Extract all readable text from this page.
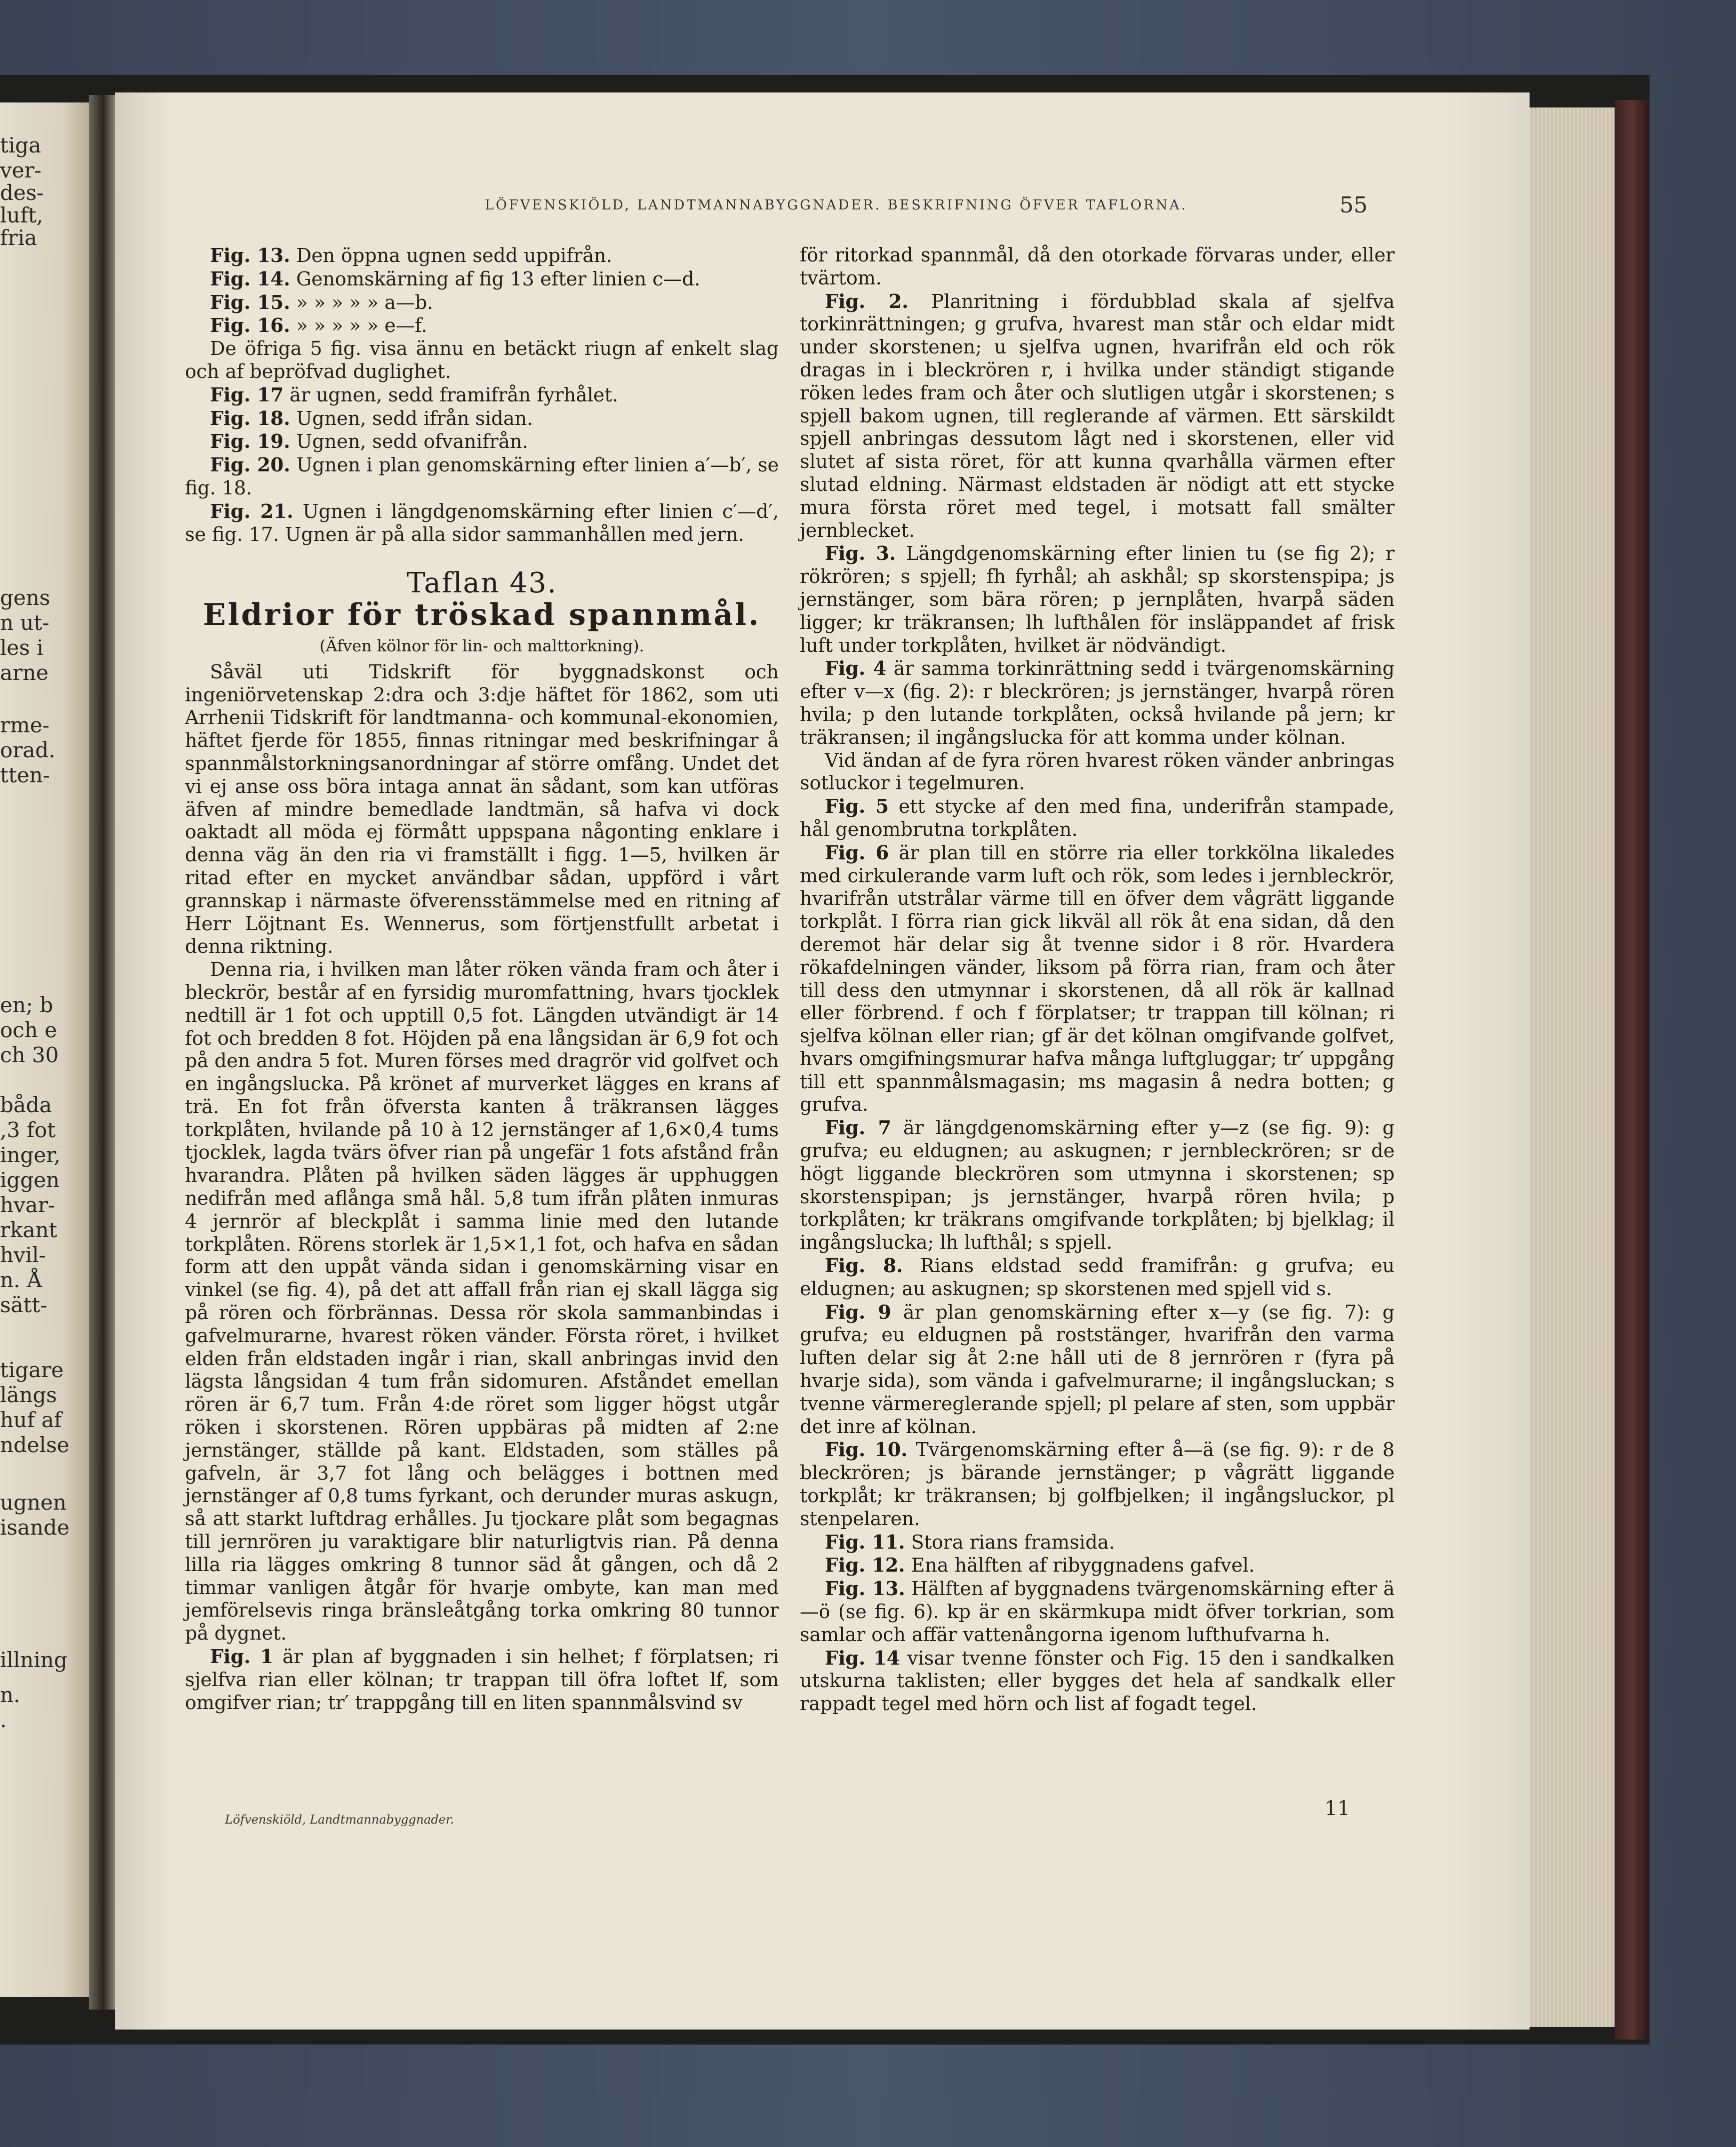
tiga
ver-
des-
luft,
fria
gens
n ut-
les i
arne
rme-
orad.
tten-
en; b
och e
ch 30
båda
,3 fot
inger,
iggen
hvar-
rkant
hvil-
n. Å
sätt-
tigare
längs
huf af
ndelse
ugnen
isande
illning
n.
.
LÖFVENSKIÖLD, LANDTMANNABYGGNADER. BESKRIFNING ÖFVER TAFLORNA.	55

Fig. 13. Den öppna ugnen sedd uppifrån.

Fig. 14. Genomskärning af fig 13 efter linien c—d.

Fig. 15. » » » » » a—b.

Fig. 16. » » » » » e—f.

De öfriga 5 fig. visa ännu en betäckt riugn af enkelt slag och af bepröfvad duglighet.

Fig. 17 är ugnen, sedd framifrån fyrhålet.

Fig. 18. Ugnen, sedd ifrån sidan.

Fig. 19. Ugnen, sedd ofvanifrån.

Fig. 20. Ugnen i plan genomskärning efter linien a′—b′, se fig. 18.

Fig. 21. Ugnen i längdgenomskärning efter linien c′—d′, se fig. 17. Ugnen är på alla sidor sammanhållen med jern.

Taflan 43.
Eldrior för tröskad spannmål.
(Äfven kölnor för lin- och malttorkning).

Såväl uti Tidskrift för byggnadskonst och ingeniörvetenskap 2:dra och 3:dje häftet för 1862, som uti Arrhenii Tidskrift för landtmanna- och kommunal-ekonomien, häftet fjerde för 1855, finnas ritningar med beskrifningar å spannmålstorkningsanordningar af större omfång. Undet det vi ej anse oss böra intaga annat än sådant, som kan utföras äfven af mindre bemedlade landtmän, så hafva vi dock oaktadt all möda ej förmått uppspana någonting enklare i denna väg än den ria vi framställt i figg. 1—5, hvilken är ritad efter en mycket användbar sådan, uppförd i vårt grannskap i närmaste öfverensstämmelse med en ritning af Herr Löjtnant Es. Wennerus, som förtjenstfullt arbetat i denna riktning.

Denna ria, i hvilken man låter röken vända fram och åter i bleckrör, består af en fyrsidig muromfattning, hvars tjocklek nedtill är 1 fot och upptill 0,5 fot. Längden utvändigt är 14 fot och bredden 8 fot. Höjden på ena långsidan är 6,9 fot och på den andra 5 fot. Muren förses med dragrör vid golfvet och en ingångslucka. På krönet af murverket lägges en krans af trä. En fot från öfversta kanten å träkransen lägges torkplåten, hvilande på 10 à 12 jernstänger af 1,6×0,4 tums tjocklek, lagda tvärs öfver rian på ungefär 1 fots afstånd från hvarandra. Plåten på hvilken säden lägges är upphuggen nedifrån med aflånga små hål. 5,8 tum ifrån plåten inmuras 4 jernrör af bleckplåt i samma linie med den lutande torkplåten. Rörens storlek är 1,5×1,1 fot, och hafva en sådan form att den uppåt vända sidan i genomskärning visar en vinkel (se fig. 4), på det att affall från rian ej skall lägga sig på rören och förbrännas. Dessa rör skola sammanbindas i gafvelmurarne, hvarest röken vänder. Första röret, i hvilket elden från eldstaden ingår i rian, skall anbringas invid den lägsta långsidan 4 tum från sidomuren. Afståndet emellan rören är 6,7 tum. Från 4:de röret som ligger högst utgår röken i skorstenen. Rören uppbäras på midten af 2:ne jernstänger, ställde på kant. Eldstaden, som ställes på gafveln, är 3,7 fot lång och belägges i bottnen med jernstänger af 0,8 tums fyrkant, och derunder muras askugn, så att starkt luftdrag erhålles. Ju tjockare plåt som begagnas till jernrören ju varaktigare blir naturligtvis rian. På denna lilla ria lägges omkring 8 tunnor säd åt gången, och då 2 timmar vanligen åtgår för hvarje ombyte, kan man med jemförelsevis ringa bränsleåtgång torka omkring 80 tunnor på dygnet.

Fig. 1 är plan af byggnaden i sin helhet; f förplatsen; ri sjelfva rian eller kölnan; tr trappan till öfra loftet lf, som omgifver rian; tr′ trappgång till en liten spannmålsvind sv

för ritorkad spannmål, då den otorkade förvaras under, eller tvärtom.

Fig. 2. Planritning i fördubblad skala af sjelfva torkinrättningen; g grufva, hvarest man står och eldar midt under skorstenen; u sjelfva ugnen, hvarifrån eld och rök dragas in i bleckrören r, i hvilka under ständigt stigande röken ledes fram och åter och slutligen utgår i skorstenen; s spjell bakom ugnen, till reglerande af värmen. Ett särskildt spjell anbringas dessutom lågt ned i skorstenen, eller vid slutet af sista röret, för att kunna qvarhålla värmen efter slutad eldning. Närmast eldstaden är nödigt att ett stycke mura första röret med tegel, i motsatt fall smälter jernblecket.

Fig. 3. Längdgenomskärning efter linien tu (se fig 2); r rökrören; s spjell; fh fyrhål; ah askhål; sp skorstenspipa; js jernstänger, som bära rören; p jernplåten, hvarpå säden ligger; kr träkransen; lh lufthålen för insläppandet af frisk luft under torkplåten, hvilket är nödvändigt.

Fig. 4 är samma torkinrättning sedd i tvärgenomskärning efter v—x (fig. 2): r bleckrören; js jernstänger, hvarpå rören hvila; p den lutande torkplåten, också hvilande på jern; kr träkransen; il ingångslucka för att komma under kölnan.

Vid ändan af de fyra rören hvarest röken vänder anbringas sotluckor i tegelmuren.

Fig. 5 ett stycke af den med fina, underifrån stampade, hål genombrutna torkplåten.

Fig. 6 är plan till en större ria eller torkkölna likaledes med cirkulerande varm luft och rök, som ledes i jernbleckrör, hvarifrån utstrålar värme till en öfver dem vågrätt liggande torkplåt. I förra rian gick likväl all rök åt ena sidan, då den deremot här delar sig åt tvenne sidor i 8 rör. Hvardera rökafdelningen vänder, liksom på förra rian, fram och åter till dess den utmynnar i skorstenen, då all rök är kallnad eller förbrend. f och f förplatser; tr trappan till kölnan; ri sjelfva kölnan eller rian; gf är det kölnan omgifvande golfvet, hvars omgifningsmurar hafva många luftgluggar; tr′ uppgång till ett spannmålsmagasin; ms magasin å nedra botten; g grufva.

Fig. 7 är längdgenomskärning efter y—z (se fig. 9): g grufva; eu eldugnen; au askugnen; r jernbleckrören; sr de högt liggande bleckrören som utmynna i skorstenen; sp skorstenspipan; js jernstänger, hvarpå rören hvila; p torkplåten; kr träkrans omgifvande torkplåten; bj bjelklag; il ingångslucka; lh lufthål; s spjell.

Fig. 8. Rians eldstad sedd framifrån: g grufva; eu eldugnen; au askugnen; sp skorstenen med spjell vid s.

Fig. 9 är plan genomskärning efter x—y (se fig. 7): g grufva; eu eldugnen på roststänger, hvarifrån den varma luften delar sig åt 2:ne håll uti de 8 jernrören r (fyra på hvarje sida), som vända i gafvelmurarne; il ingångsluckan; s tvenne värmereglerande spjell; pl pelare af sten, som uppbär det inre af kölnan.

Fig. 10. Tvärgenomskärning efter å—ä (se fig. 9): r de 8 bleckrören; js bärande jernstänger; p vågrätt liggande torkplåt; kr träkransen; bj golfbjelken; il ingångsluckor, pl stenpelaren.

Fig. 11. Stora rians framsida.

Fig. 12. Ena hälften af ribyggnadens gafvel.

Fig. 13. Hälften af byggnadens tvärgenomskärning efter ä—ö (se fig. 6). kp är en skärmkupa midt öfver torkrian, som samlar och affär vattenångorna igenom lufthufvarna h.

Fig. 14 visar tvenne fönster och Fig. 15 den i sandkalken utskurna taklisten; eller bygges det hela af sandkalk eller rappadt tegel med hörn och list af fogadt tegel.

Löfvenskiöld, Landtmannabyggnader.	11
